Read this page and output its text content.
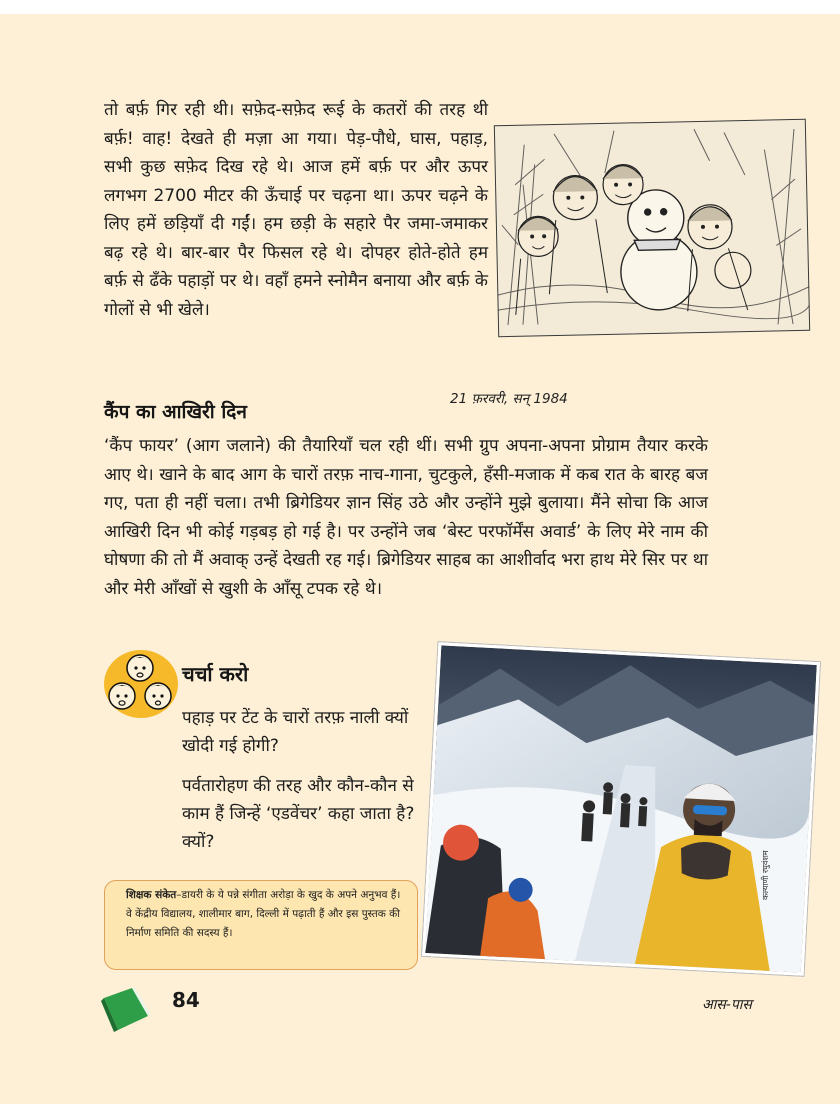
तो बर्फ़ गिर रही थी। सफ़ेद-सफ़ेद रूई के कतरों की तरह थी बर्फ़! वाह! देखते ही मज़ा आ गया। पेड़-पौधे, घास, पहाड़, सभी कुछ सफ़ेद दिख रहे थे। आज हमें बर्फ़ पर और ऊपर लगभग 2700 मीटर की ऊँचाई पर चढ़ना था। ऊपर चढ़ने के लिए हमें छड़ियाँ दी गईं। हम छड़ी के सहारे पैर जमा-जमाकर बढ़ रहे थे। बार-बार पैर फिसल रहे थे। दोपहर होते-होते हम बर्फ़ से ढँके पहाड़ों पर थे। वहाँ हमने स्नोमैन बनाया और बर्फ़ के गोलों से भी खेले।

कैंप का आखिरी दिन
21 फ़रवरी, सन् 1984

‘कैंप फायर’ (आग जलाने) की तैयारियाँ चल रही थीं। सभी ग्रुप अपना-अपना प्रोग्राम तैयार करके आए थे। खाने के बाद आग के चारों तरफ़ नाच-गाना, चुटकुले, हँसी-मजाक में कब रात के बारह बज गए, पता ही नहीं चला। तभी ब्रिगेडियर ज्ञान सिंह उठे और उन्होंने मुझे बुलाया। मैंने सोचा कि आज आखिरी दिन भी कोई गड़बड़ हो गई है। पर उन्होंने जब ‘बेस्ट परफॉर्मेंस अवार्ड’ के लिए मेरे नाम की घोषणा की तो मैं अवाक् उन्हें देखती रह गई। ब्रिगेडियर साहब का आशीर्वाद भरा हाथ मेरे सिर पर था और मेरी आँखों से खुशी के आँसू टपक रहे थे।

चर्चा करो

पहाड़ पर टेंट के चारों तरफ़ नाली क्यों खोदी गई होगी?

पर्वतारोहण की तरह और कौन-कौन से काम हैं जिन्हें ‘एडवेंचर’ कहा जाता है? क्यों?

कल्याणी रघुवंशम

शिक्षक संकेत–डायरी के ये पन्ने संगीता अरोड़ा के खुद के अपने अनुभव हैं। वे केंद्रीय विद्यालय, शालीमार बाग, दिल्ली में पढ़ाती हैं और इस पुस्तक की निर्माण समिति की सदस्य हैं।

84	आस-पास
